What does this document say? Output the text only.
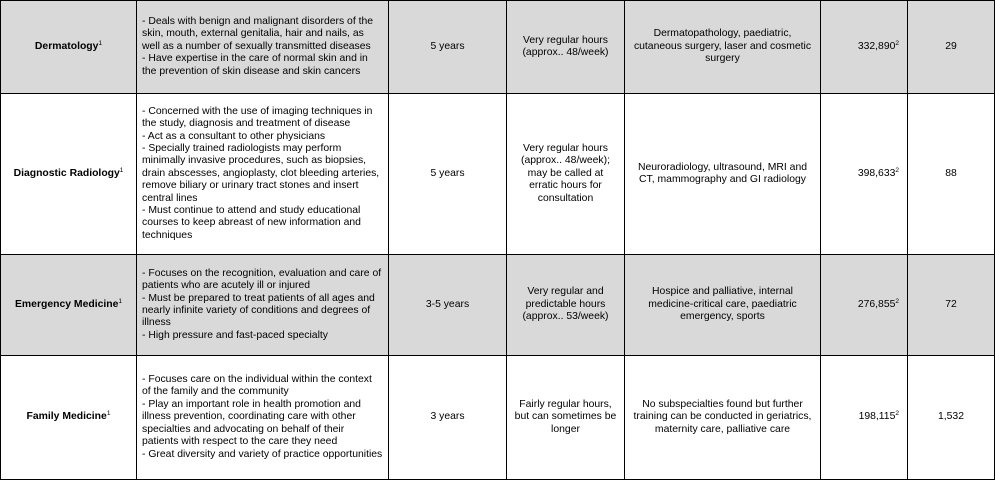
Dermatology$^1$	- Deals with benign and malignant disorders of the skin, mouth, external genitalia, hair and nails, as well as a number of sexually transmitted diseases
- Have expertise in the care of normal skin and in the prevention of skin disease and skin cancers	5 years	Very regular hours (approx.. 48/week)	Dermatopathology, paediatric, cutaneous surgery, laser and cosmetic surgery	332,890$^2$	29
Diagnostic Radiology$^1$	- Concerned with the use of imaging techniques in the study, diagnosis and treatment of disease
- Act as a consultant to other physicians
- Specially trained radiologists may perform minimally invasive procedures, such as biopsies, drain abscesses, angioplasty, clot bleeding arteries, remove biliary or urinary tract stones and insert central lines
- Must continue to attend and study educational courses to keep abreast of new information and techniques	5 years	Very regular hours (approx.. 48/week); may be called at erratic hours for consultation	Neuroradiology, ultrasound, MRI and CT, mammography and GI radiology	398,633$^2$	88
Emergency Medicine$^1$	- Focuses on the recognition, evaluation and care of patients who are acutely ill or injured
- Must be prepared to treat patients of all ages and nearly infinite variety of conditions and degrees of illness
- High pressure and fast-paced specialty	3-5 years	Very regular and predictable hours (approx.. 53/week)	Hospice and palliative, internal medicine-critical care, paediatric emergency, sports	276,855$^2$	72
Family Medicine$^1$	- Focuses care on the individual within the context of the family and the community
- Play an important role in health promotion and illness prevention, coordinating care with other specialties and advocating on behalf of their patients with respect to the care they need
- Great diversity and variety of practice opportunities	3 years	Fairly regular hours, but can sometimes be longer	No subspecialties found but further training can be conducted in geriatrics, maternity care, palliative care	198,115$^2$	1,532
